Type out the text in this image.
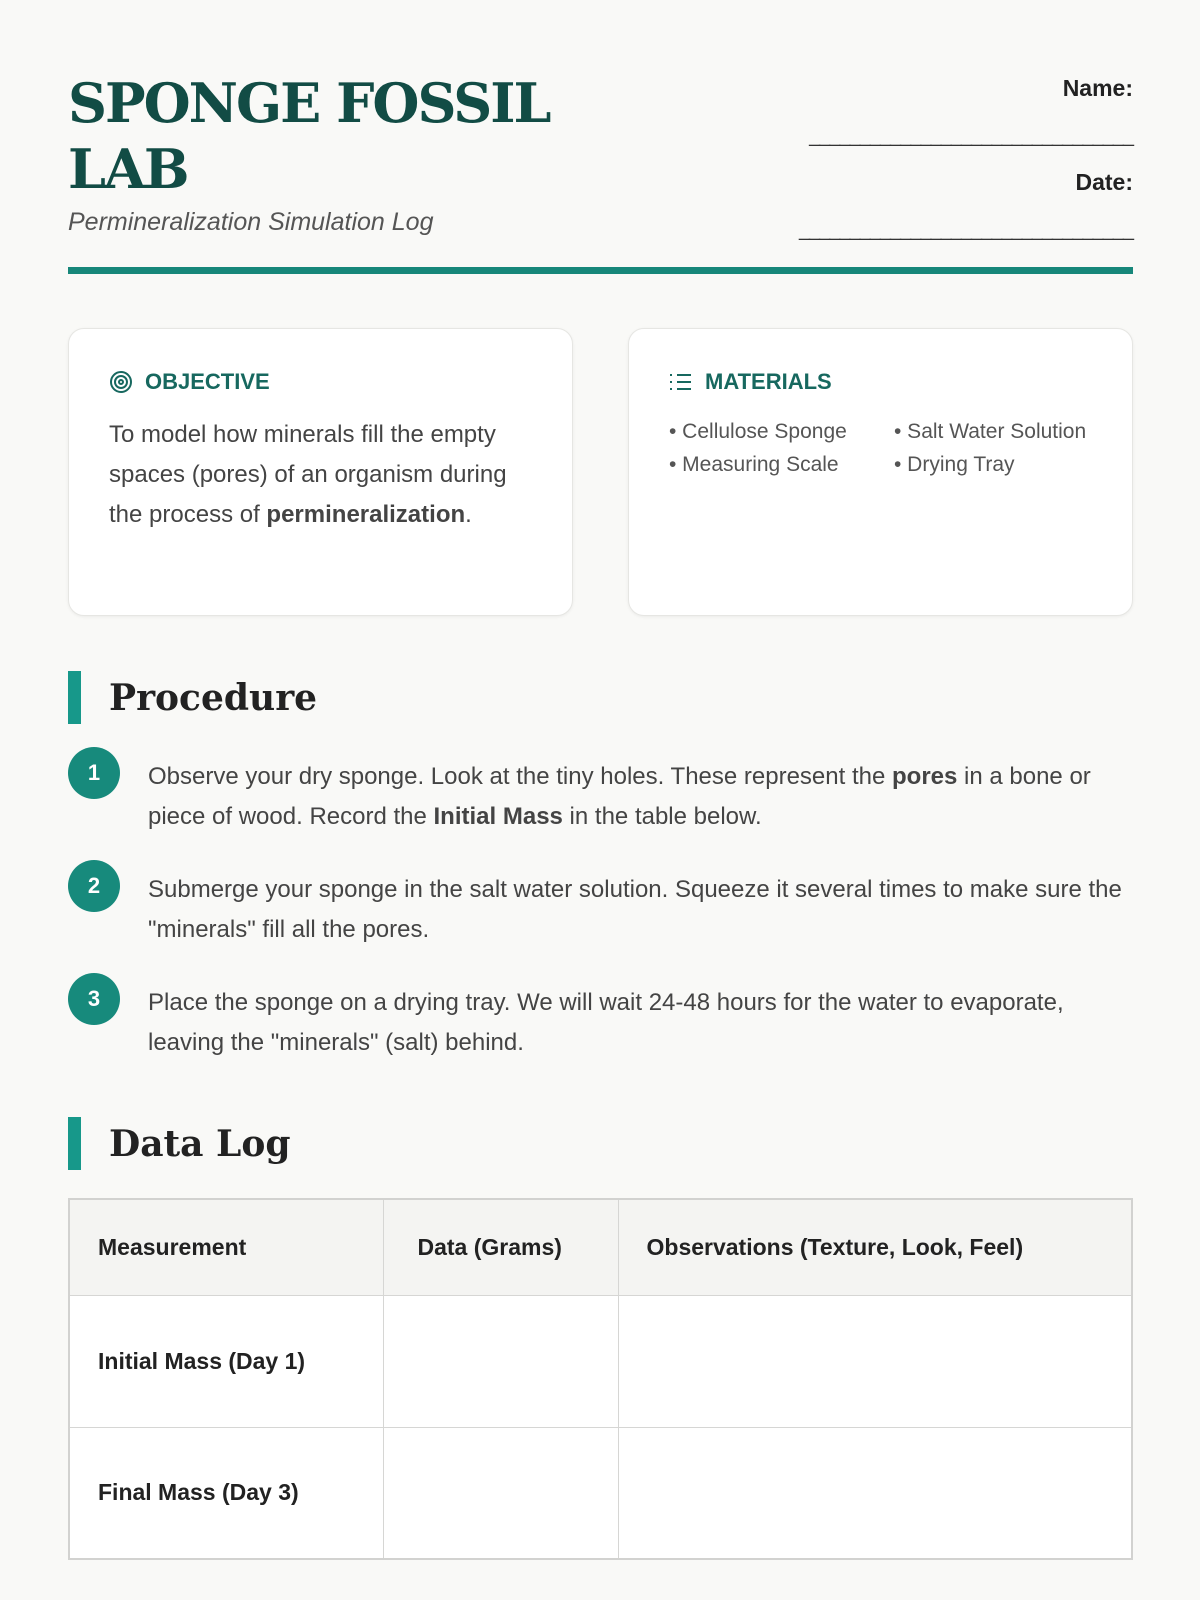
SPONGE FOSSIL LAB
Permineralization Simulation Log
Name:
________________________________
Date:
_________________________________
OBJECTIVE
To model how minerals fill the empty spaces (pores) of an organism during the process of permineralization.
MATERIALS
• Cellulose Sponge	• Salt Water Solution
• Measuring Scale	• Drying Tray
Procedure
1	Observe your dry sponge. Look at the tiny holes. These represent the pores in a bone or piece of wood. Record the Initial Mass in the table below.

2	Submerge your sponge in the salt water solution. Squeeze it several times to make sure the "minerals" fill all the pores.

3	Place the sponge on a drying tray. We will wait 24-48 hours for the water to evaporate, leaving the "minerals" (salt) behind.

Data Log
Measurement	Data (Grams)	Observations (Texture, Look, Feel)
Initial Mass (Day 1)		
Final Mass (Day 3)		
